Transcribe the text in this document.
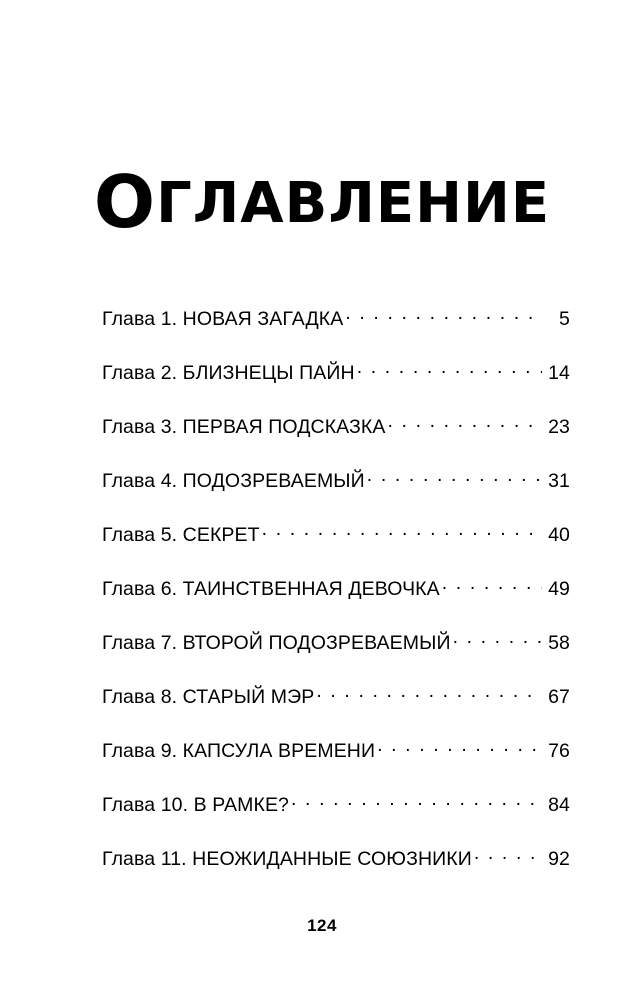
ОГЛАВЛЕНИЕ
Глава 1. НОВАЯ ЗАГАДКА . . .	5
Глава 2. БЛИЗНЕЦЫ ПАЙН . . .	14
Глава 3. ПЕРВАЯ ПОДСКАЗКА . . .	23
Глава 4. ПОДОЗРЕВАЕМЫЙ . . .	31
Глава 5. СЕКРЕТ . . .	40
Глава 6. ТАИНСТВЕННАЯ ДЕВОЧКА . . .	49
Глава 7. ВТОРОЙ ПОДОЗРЕВАЕМЫЙ . . .	58
Глава 8. СТАРЫЙ МЭР . . .	67
Глава 9. КАПСУЛА ВРЕМЕНИ . . .	76
Глава 10. В РАМКЕ? . . .	84
Глава 11. НЕОЖИДАННЫЕ СОЮЗНИКИ . . .	92
124
